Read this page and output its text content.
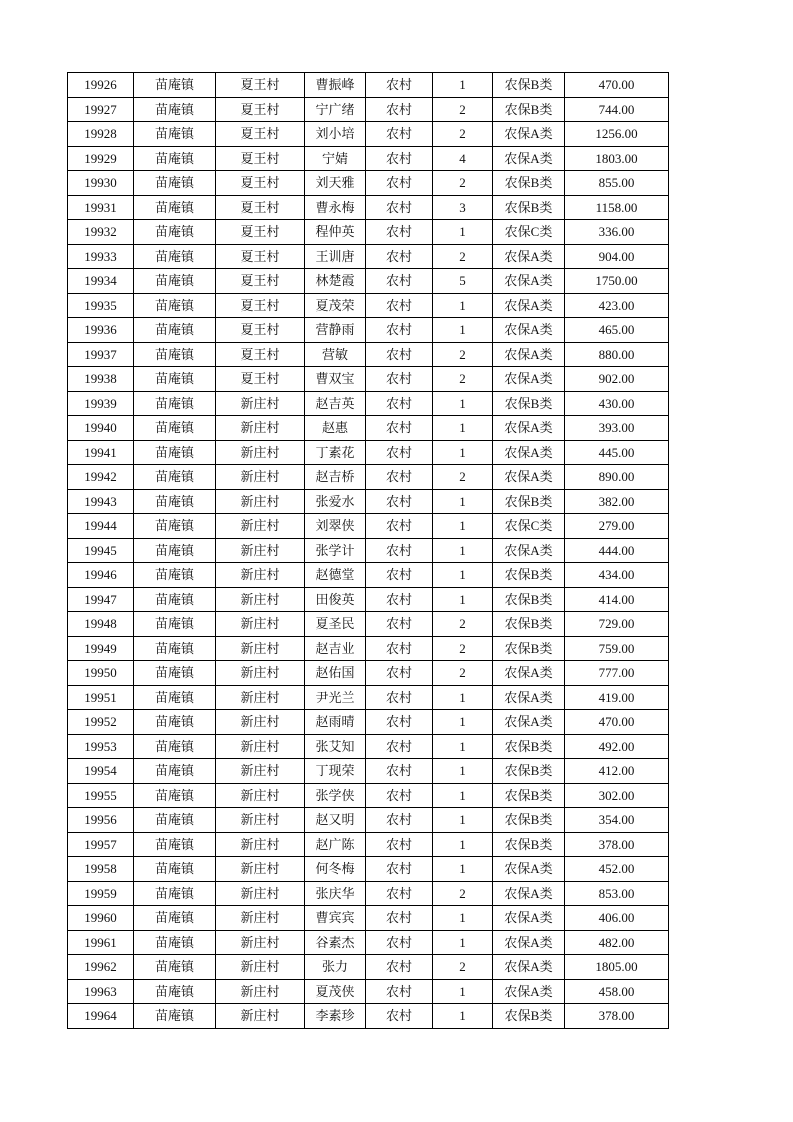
19926	苗庵镇	夏王村	曹振峰	农村	1	农保B类	470.00
19927	苗庵镇	夏王村	宁广绪	农村	2	农保B类	744.00
19928	苗庵镇	夏王村	刘小培	农村	2	农保A类	1256.00
19929	苗庵镇	夏王村	宁婧	农村	4	农保A类	1803.00
19930	苗庵镇	夏王村	刘天雅	农村	2	农保B类	855.00
19931	苗庵镇	夏王村	曹永梅	农村	3	农保B类	1158.00
19932	苗庵镇	夏王村	程仲英	农村	1	农保C类	336.00
19933	苗庵镇	夏王村	王训唐	农村	2	农保A类	904.00
19934	苗庵镇	夏王村	林楚霞	农村	5	农保A类	1750.00
19935	苗庵镇	夏王村	夏茂荣	农村	1	农保A类	423.00
19936	苗庵镇	夏王村	营静雨	农村	1	农保A类	465.00
19937	苗庵镇	夏王村	营敏	农村	2	农保A类	880.00
19938	苗庵镇	夏王村	曹双宝	农村	2	农保A类	902.00
19939	苗庵镇	新庄村	赵吉英	农村	1	农保B类	430.00
19940	苗庵镇	新庄村	赵惠	农村	1	农保A类	393.00
19941	苗庵镇	新庄村	丁素花	农村	1	农保A类	445.00
19942	苗庵镇	新庄村	赵吉桥	农村	2	农保A类	890.00
19943	苗庵镇	新庄村	张爱水	农村	1	农保B类	382.00
19944	苗庵镇	新庄村	刘翠侠	农村	1	农保C类	279.00
19945	苗庵镇	新庄村	张学计	农村	1	农保A类	444.00
19946	苗庵镇	新庄村	赵德堂	农村	1	农保B类	434.00
19947	苗庵镇	新庄村	田俊英	农村	1	农保B类	414.00
19948	苗庵镇	新庄村	夏圣民	农村	2	农保B类	729.00
19949	苗庵镇	新庄村	赵吉业	农村	2	农保B类	759.00
19950	苗庵镇	新庄村	赵佑国	农村	2	农保A类	777.00
19951	苗庵镇	新庄村	尹光兰	农村	1	农保A类	419.00
19952	苗庵镇	新庄村	赵雨晴	农村	1	农保A类	470.00
19953	苗庵镇	新庄村	张艾知	农村	1	农保B类	492.00
19954	苗庵镇	新庄村	丁现荣	农村	1	农保B类	412.00
19955	苗庵镇	新庄村	张学侠	农村	1	农保B类	302.00
19956	苗庵镇	新庄村	赵又明	农村	1	农保B类	354.00
19957	苗庵镇	新庄村	赵广陈	农村	1	农保B类	378.00
19958	苗庵镇	新庄村	何冬梅	农村	1	农保A类	452.00
19959	苗庵镇	新庄村	张庆华	农村	2	农保A类	853.00
19960	苗庵镇	新庄村	曹宾宾	农村	1	农保A类	406.00
19961	苗庵镇	新庄村	谷素杰	农村	1	农保A类	482.00
19962	苗庵镇	新庄村	张力	农村	2	农保A类	1805.00
19963	苗庵镇	新庄村	夏茂侠	农村	1	农保A类	458.00
19964	苗庵镇	新庄村	李素珍	农村	1	农保B类	378.00
